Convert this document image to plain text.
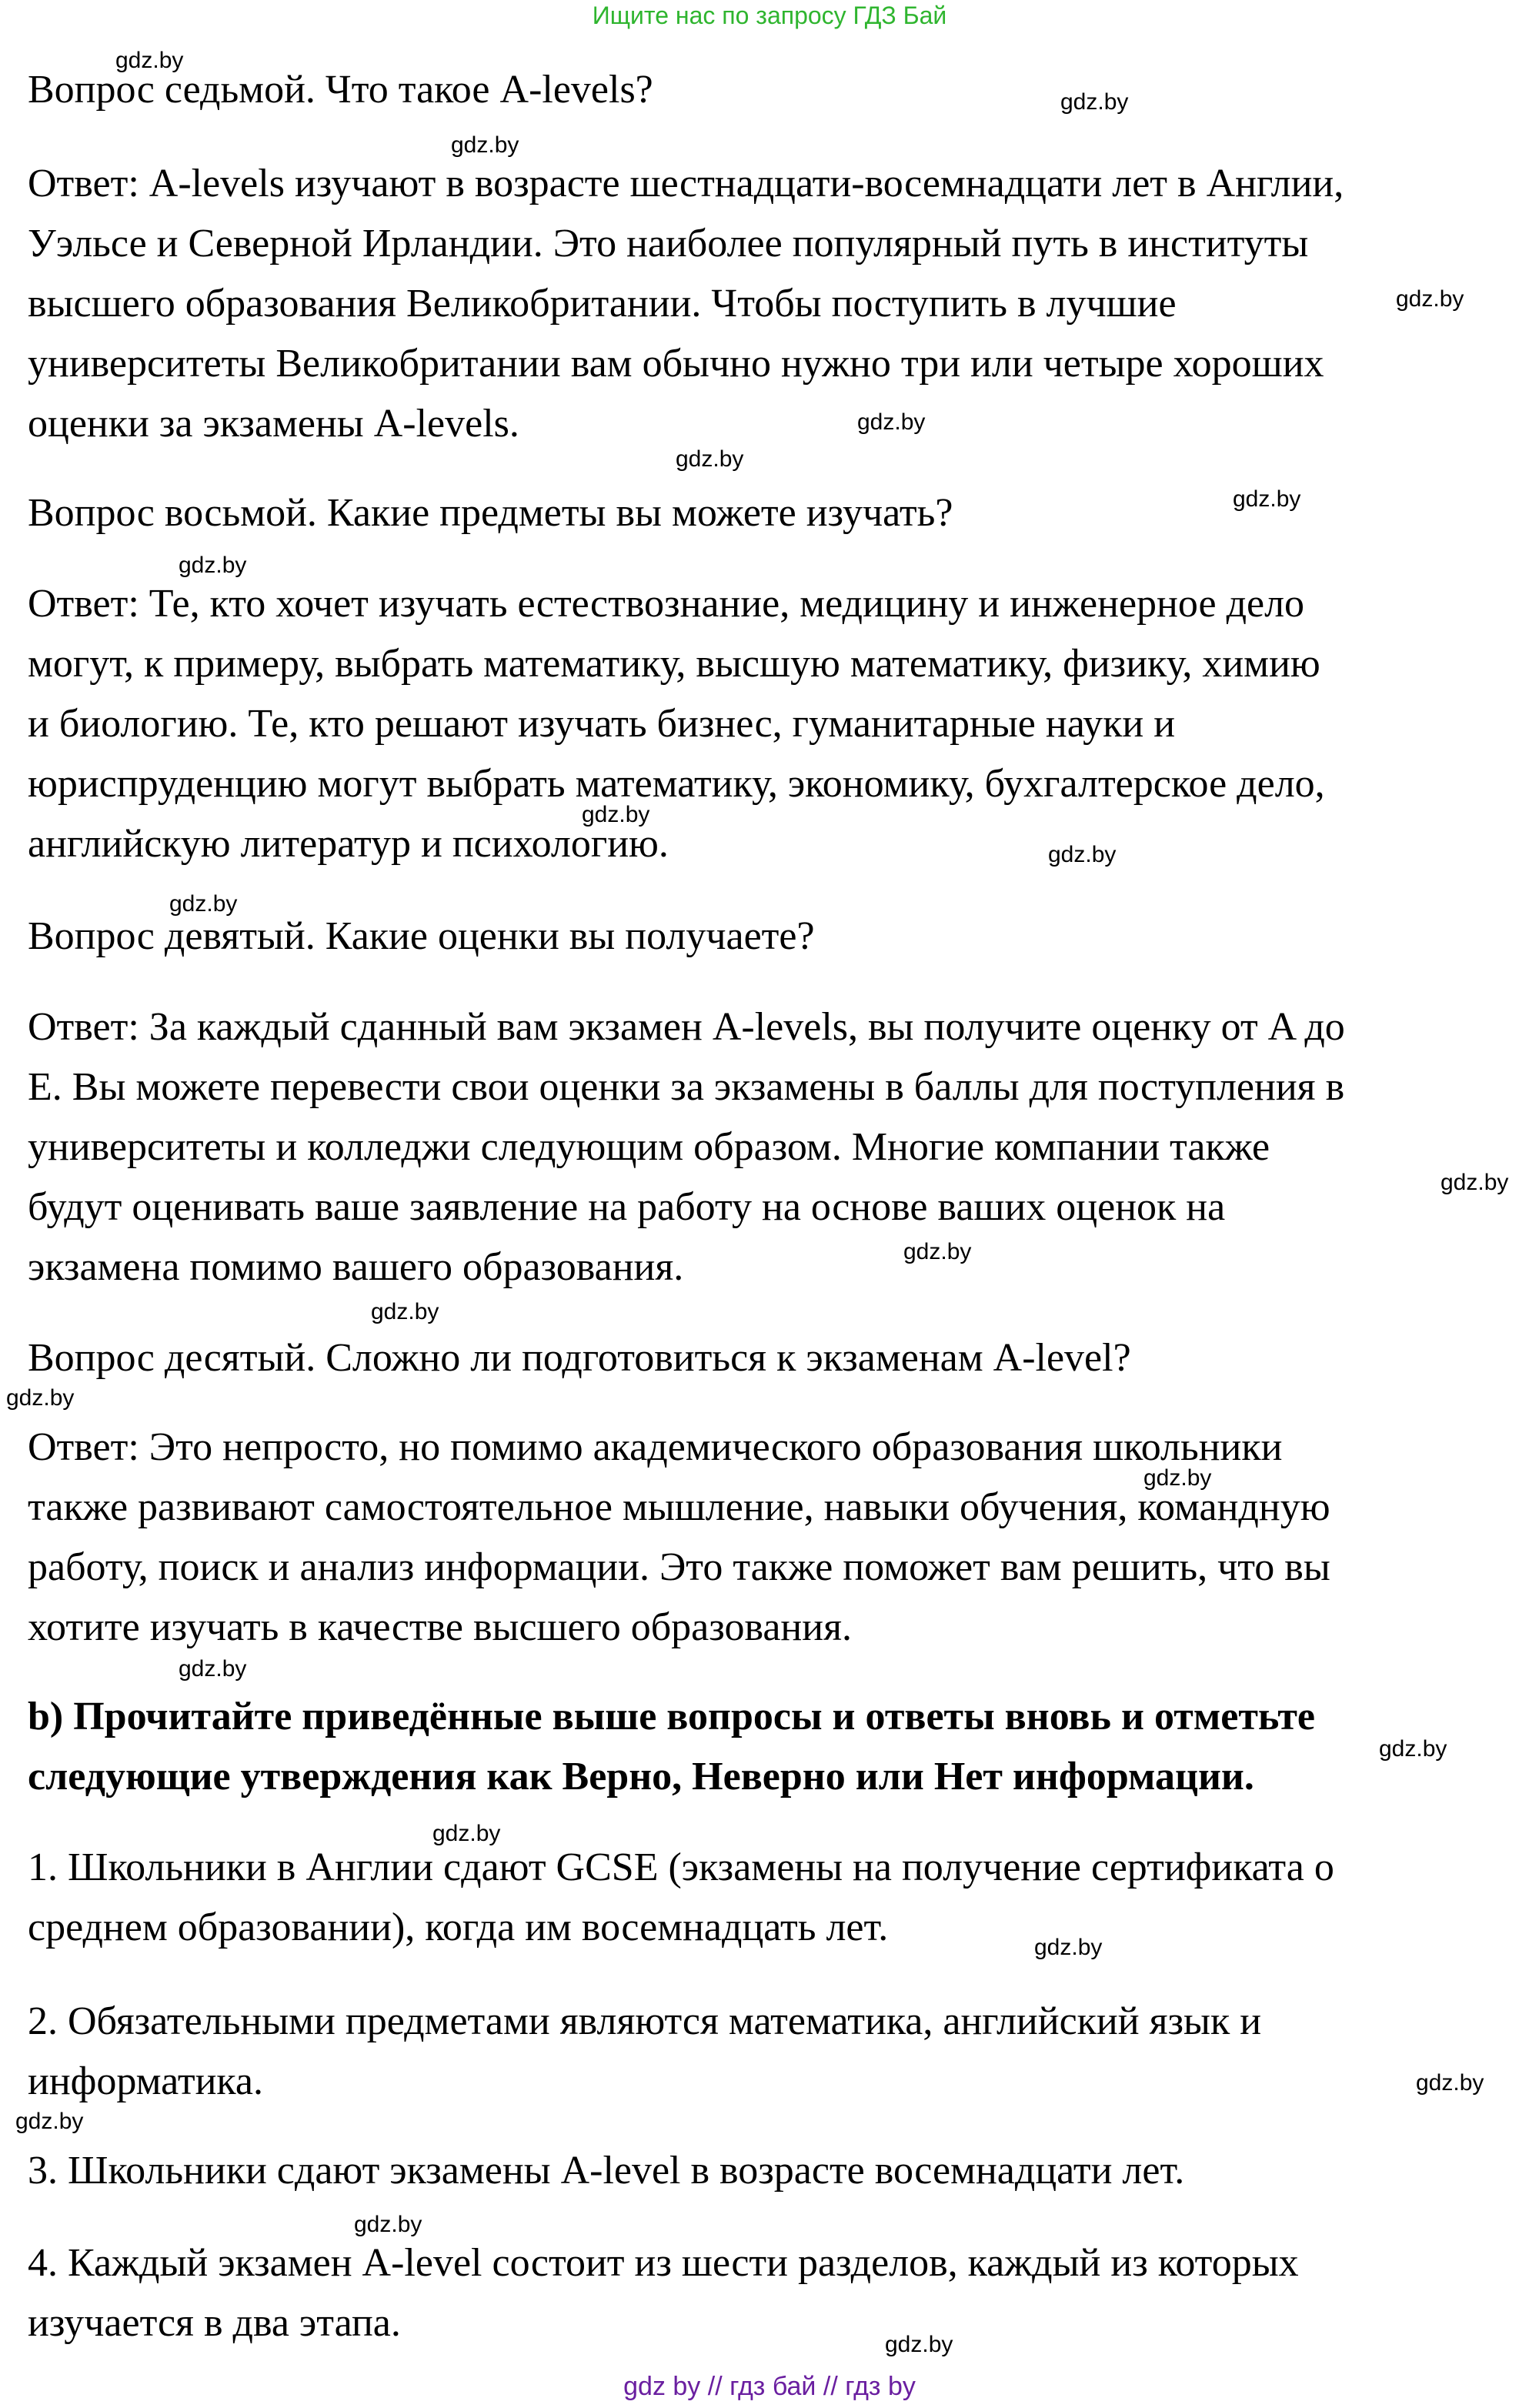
Ищите нас по запросу ГДЗ Бай

Вопрос седьмой. Что такое A-levels?

Ответ: A-levels изучают в возрасте шестнадцати-восемнадцати лет в Англии,
Уэльсе и Северной Ирландии. Это наиболее популярный путь в институты
высшего образования Великобритании. Чтобы поступить в лучшие
университеты Великобритании вам обычно нужно три или четыре хороших
оценки за экзамены A-levels.

Вопрос восьмой. Какие предметы вы можете изучать?

Ответ: Те, кто хочет изучать естествознание, медицину и инженерное дело
могут, к примеру, выбрать математику, высшую математику, физику, химию
и биологию. Те, кто решают изучать бизнес, гуманитарные науки и
юриспруденцию могут выбрать математику, экономику, бухгалтерское дело,
английскую литератур и психологию.

Вопрос девятый. Какие оценки вы получаете?

Ответ: За каждый сданный вам экзамен A-levels, вы получите оценку от A до
E. Вы можете перевести свои оценки за экзамены в баллы для поступления в
университеты и колледжи следующим образом. Многие компании также
будут оценивать ваше заявление на работу на основе ваших оценок на
экзамена помимо вашего образования.

Вопрос десятый. Сложно ли подготовиться к экзаменам A-level?

Ответ: Это непросто, но помимо академического образования школьники
также развивают самостоятельное мышление, навыки обучения, командную
работу, поиск и анализ информации. Это также поможет вам решить, что вы
хотите изучать в качестве высшего образования.

b) Прочитайте приведённые выше вопросы и ответы вновь и отметьте
следующие утверждения как Верно, Неверно или Нет информации.

1. Школьники в Англии сдают GCSE (экзамены на получение сертификата о
среднем образовании), когда им восемнадцать лет.

2. Обязательными предметами являются математика, английский язык и
информатика.

3. Школьники сдают экзамены A-level в возрасте восемнадцати лет.

4. Каждый экзамен A-level состоит из шести разделов, каждый из которых
изучается в два этапа.

gdz.by
gdz.by
gdz.by
gdz.by
gdz.by
gdz.by
gdz.by
gdz.by
gdz.by
gdz.by
gdz.by
gdz.by
gdz.by
gdz.by
gdz.by
gdz.by
gdz.by
gdz.by
gdz.by
gdz.by
gdz.by
gdz.by
gdz.by
gdz.by
gdz by // гдз бай // гдз by
